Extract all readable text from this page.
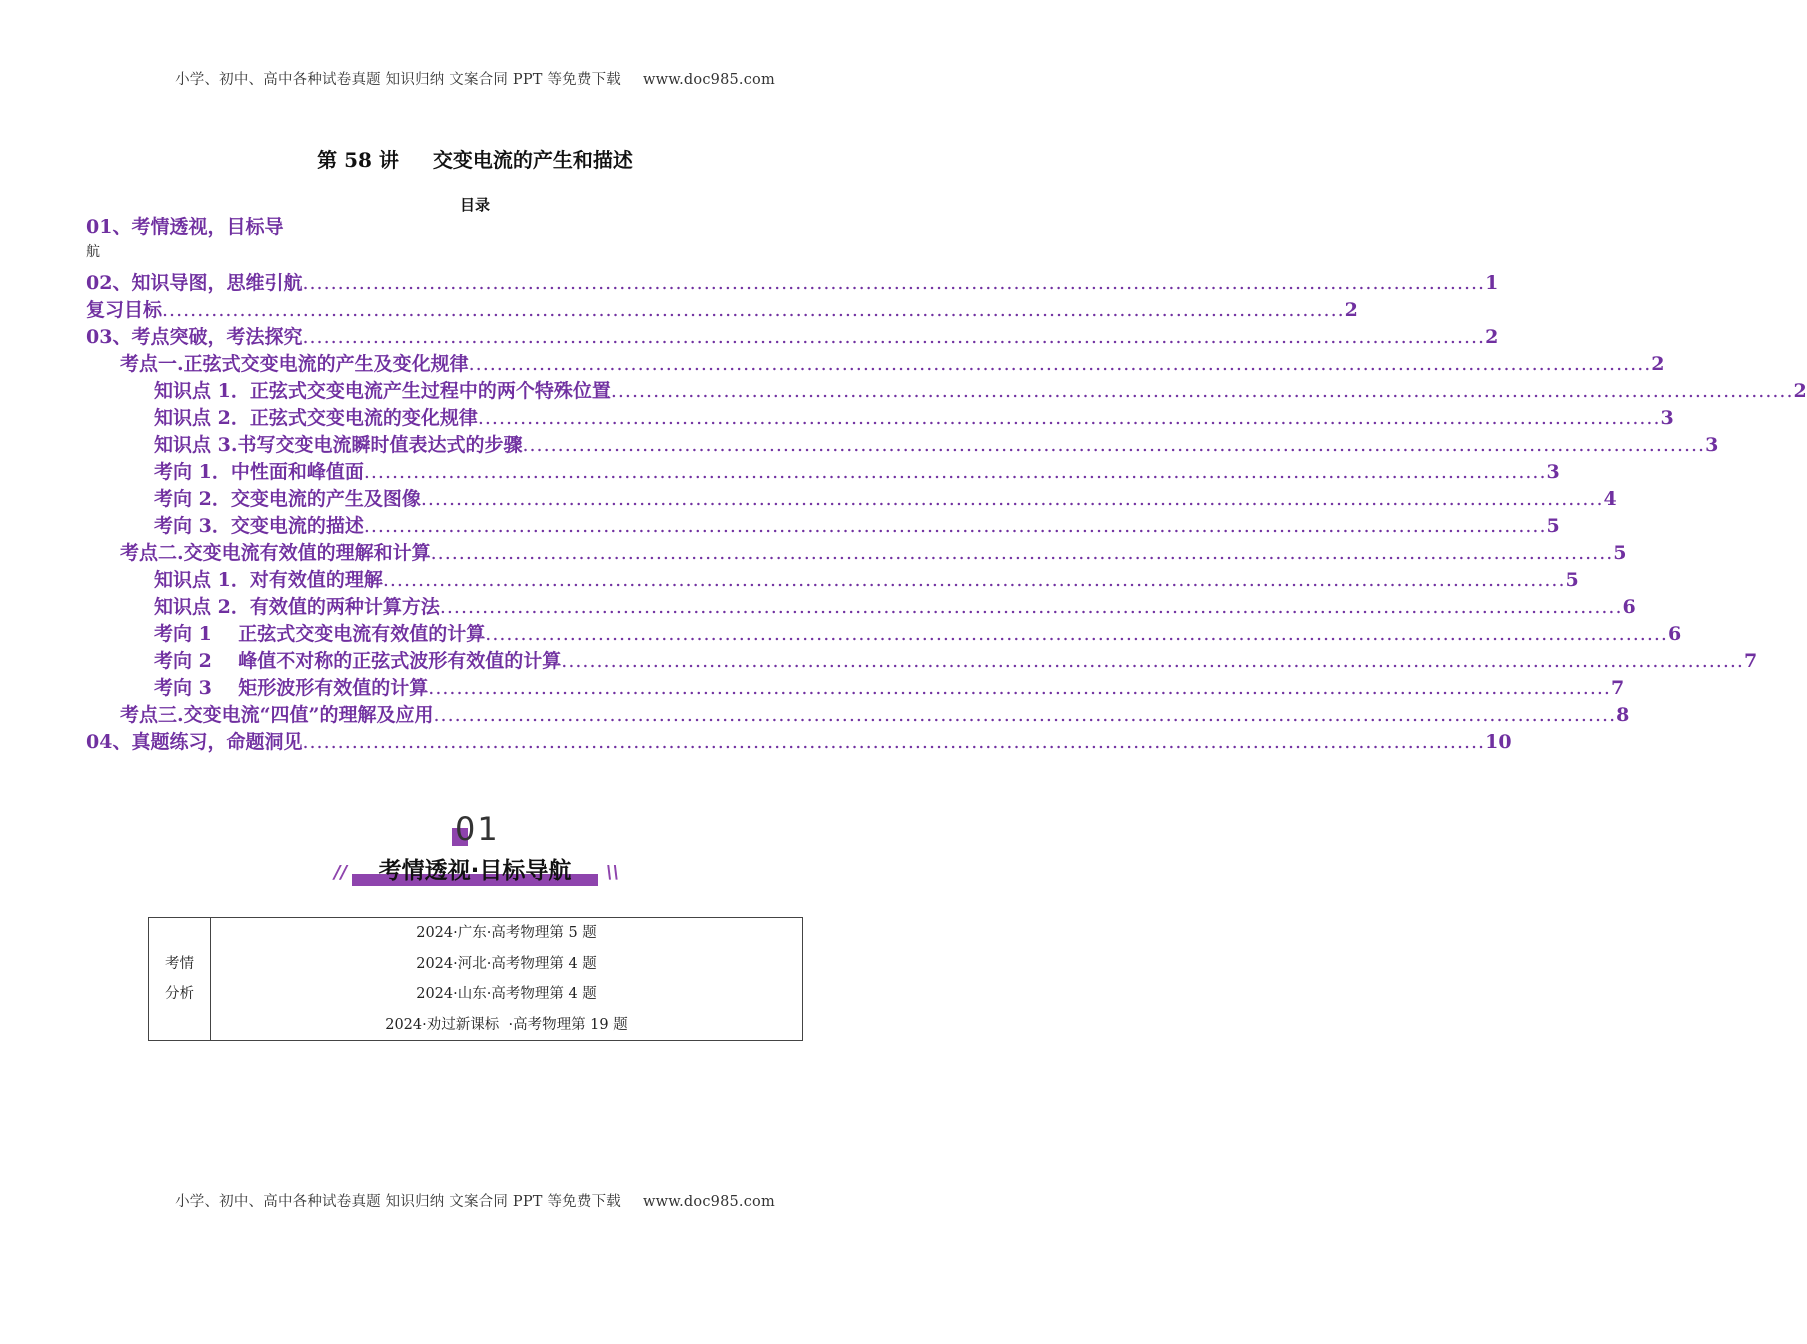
小学、初中、高中各种试卷真题 知识归纳 文案合同 PPT 等免费下载 www.doc985.com
第 58 讲 交变电流的产生和描述
目录
01、考情透视，目标导
航
02、知识导图，思维引航 ........................................................................................................................................................................ 1
复习目标 ........................................................................................................................................................................ 2
03、考点突破，考法探究 ........................................................................................................................................................................ 2
考点一.正弦式交变电流的产生及变化规律 ........................................................................................................................................................................ 2
知识点 1．正弦式交变电流产生过程中的两个特殊位置 ........................................................................................................................................................................ 2
知识点 2．正弦式交变电流的变化规律 ........................................................................................................................................................................ 3
知识点 3.书写交变电流瞬时值表达式的步骤 ........................................................................................................................................................................ 3
考向 1．中性面和峰值面 ........................................................................................................................................................................ 3
考向 2．交变电流的产生及图像 ........................................................................................................................................................................ 4
考向 3．交变电流的描述 ........................................................................................................................................................................ 5
考点二.交变电流有效值的理解和计算 ........................................................................................................................................................................ 5
知识点 1．对有效值的理解 ........................................................................................................................................................................ 5
知识点 2．有效值的两种计算方法 ........................................................................................................................................................................ 6
考向 1    正弦式交变电流有效值的计算 ........................................................................................................................................................................ 6
考向 2    峰值不对称的正弦式波形有效值的计算 ........................................................................................................................................................................ 7
考向 3    矩形波形有效值的计算 ........................................................................................................................................................................ 7
考点三.交变电流“四值”的理解及应用 ........................................................................................................................................................................ 8
04、真题练习，命题洞见 ........................................................................................................................................................................ 10
01
//	考情透视·目标导航	\\
考情
分析

2024·广东·高考物理第 5 题
2024·河北·高考物理第 4 题
2024·山东·高考物理第 4 题
2024·劝过新课标  ·高考物理第 19 题
小学、初中、高中各种试卷真题 知识归纳 文案合同 PPT 等免费下载 www.doc985.com
